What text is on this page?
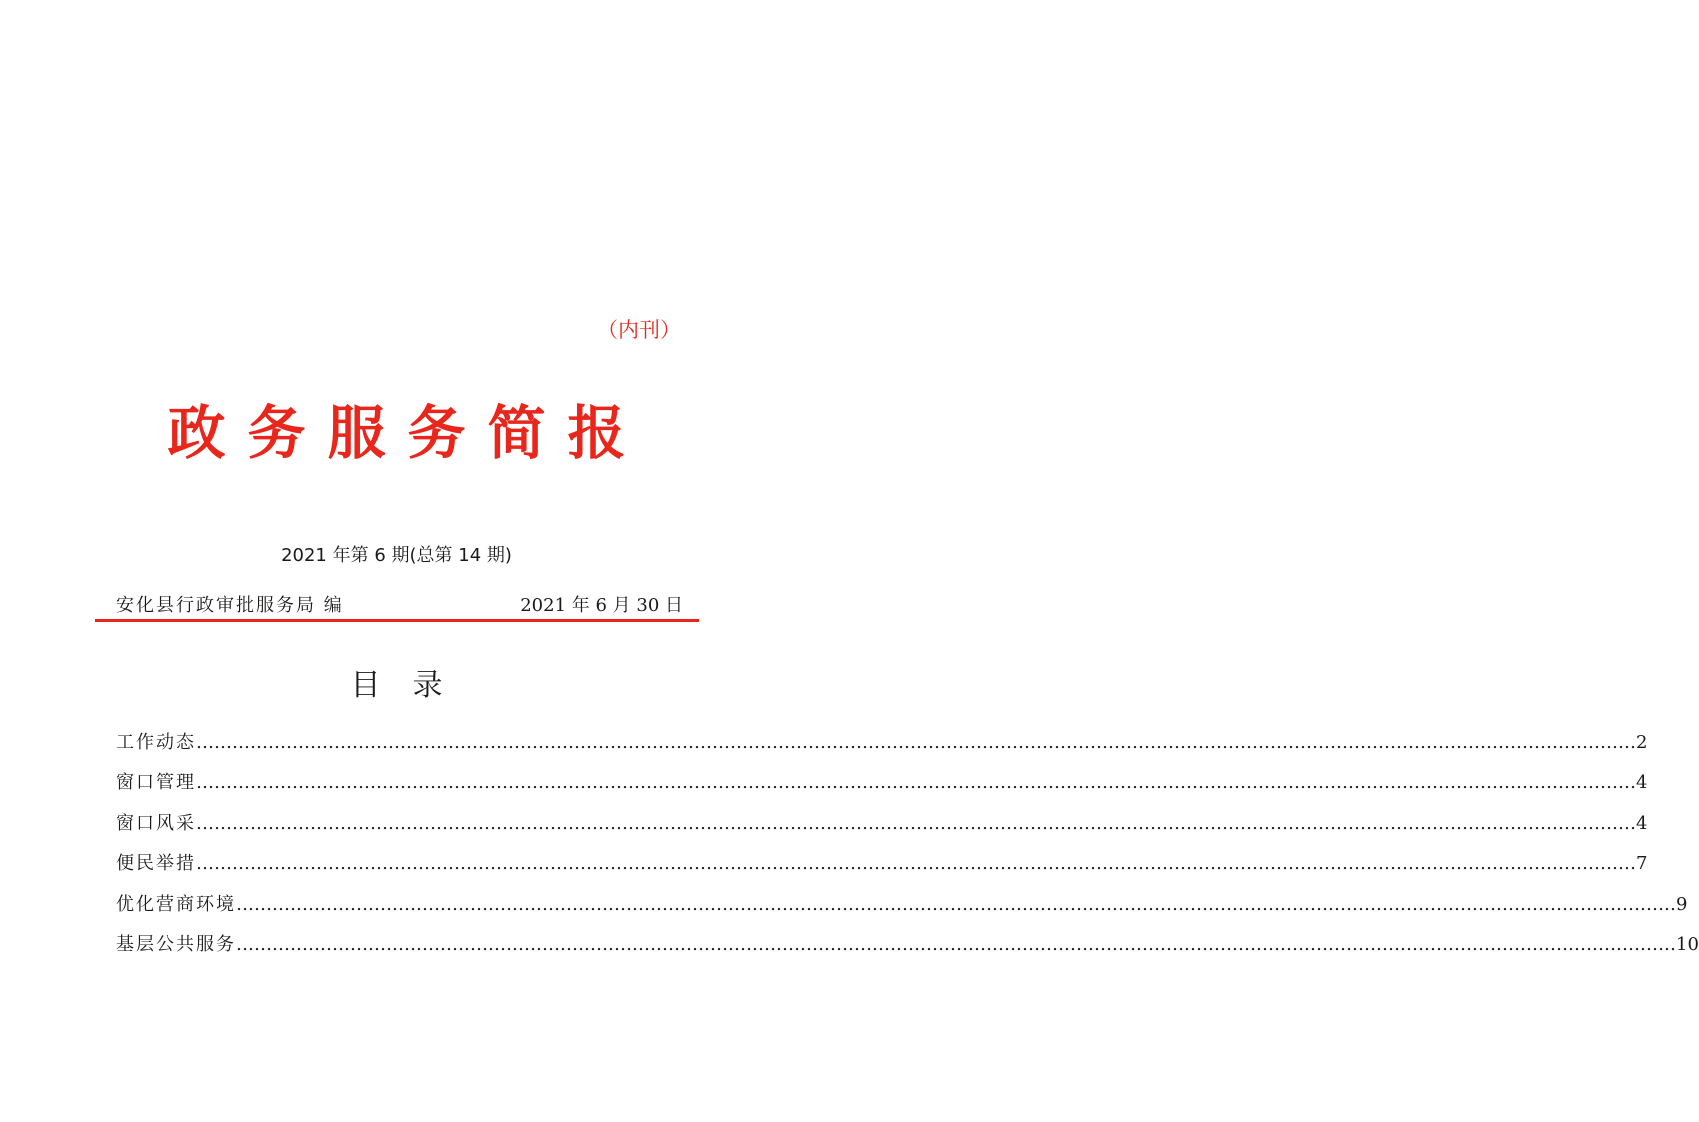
（内刊）
政务服务简报
2021 年第 6 期(总第 14 期)
安化县行政审批服务局 编	2021 年 6 月 30 日
目录
工作动态 …………………………………………………………………………………………………………………………………………………………………………………………………………………… 2
窗口管理 …………………………………………………………………………………………………………………………………………………………………………………………………………………… 4
窗口风采 …………………………………………………………………………………………………………………………………………………………………………………………………………………… 4
便民举措 …………………………………………………………………………………………………………………………………………………………………………………………………………………… 7
优化营商环境 …………………………………………………………………………………………………………………………………………………………………………………………………………………… 9
基层公共服务 …………………………………………………………………………………………………………………………………………………………………………………………………………………… 10
